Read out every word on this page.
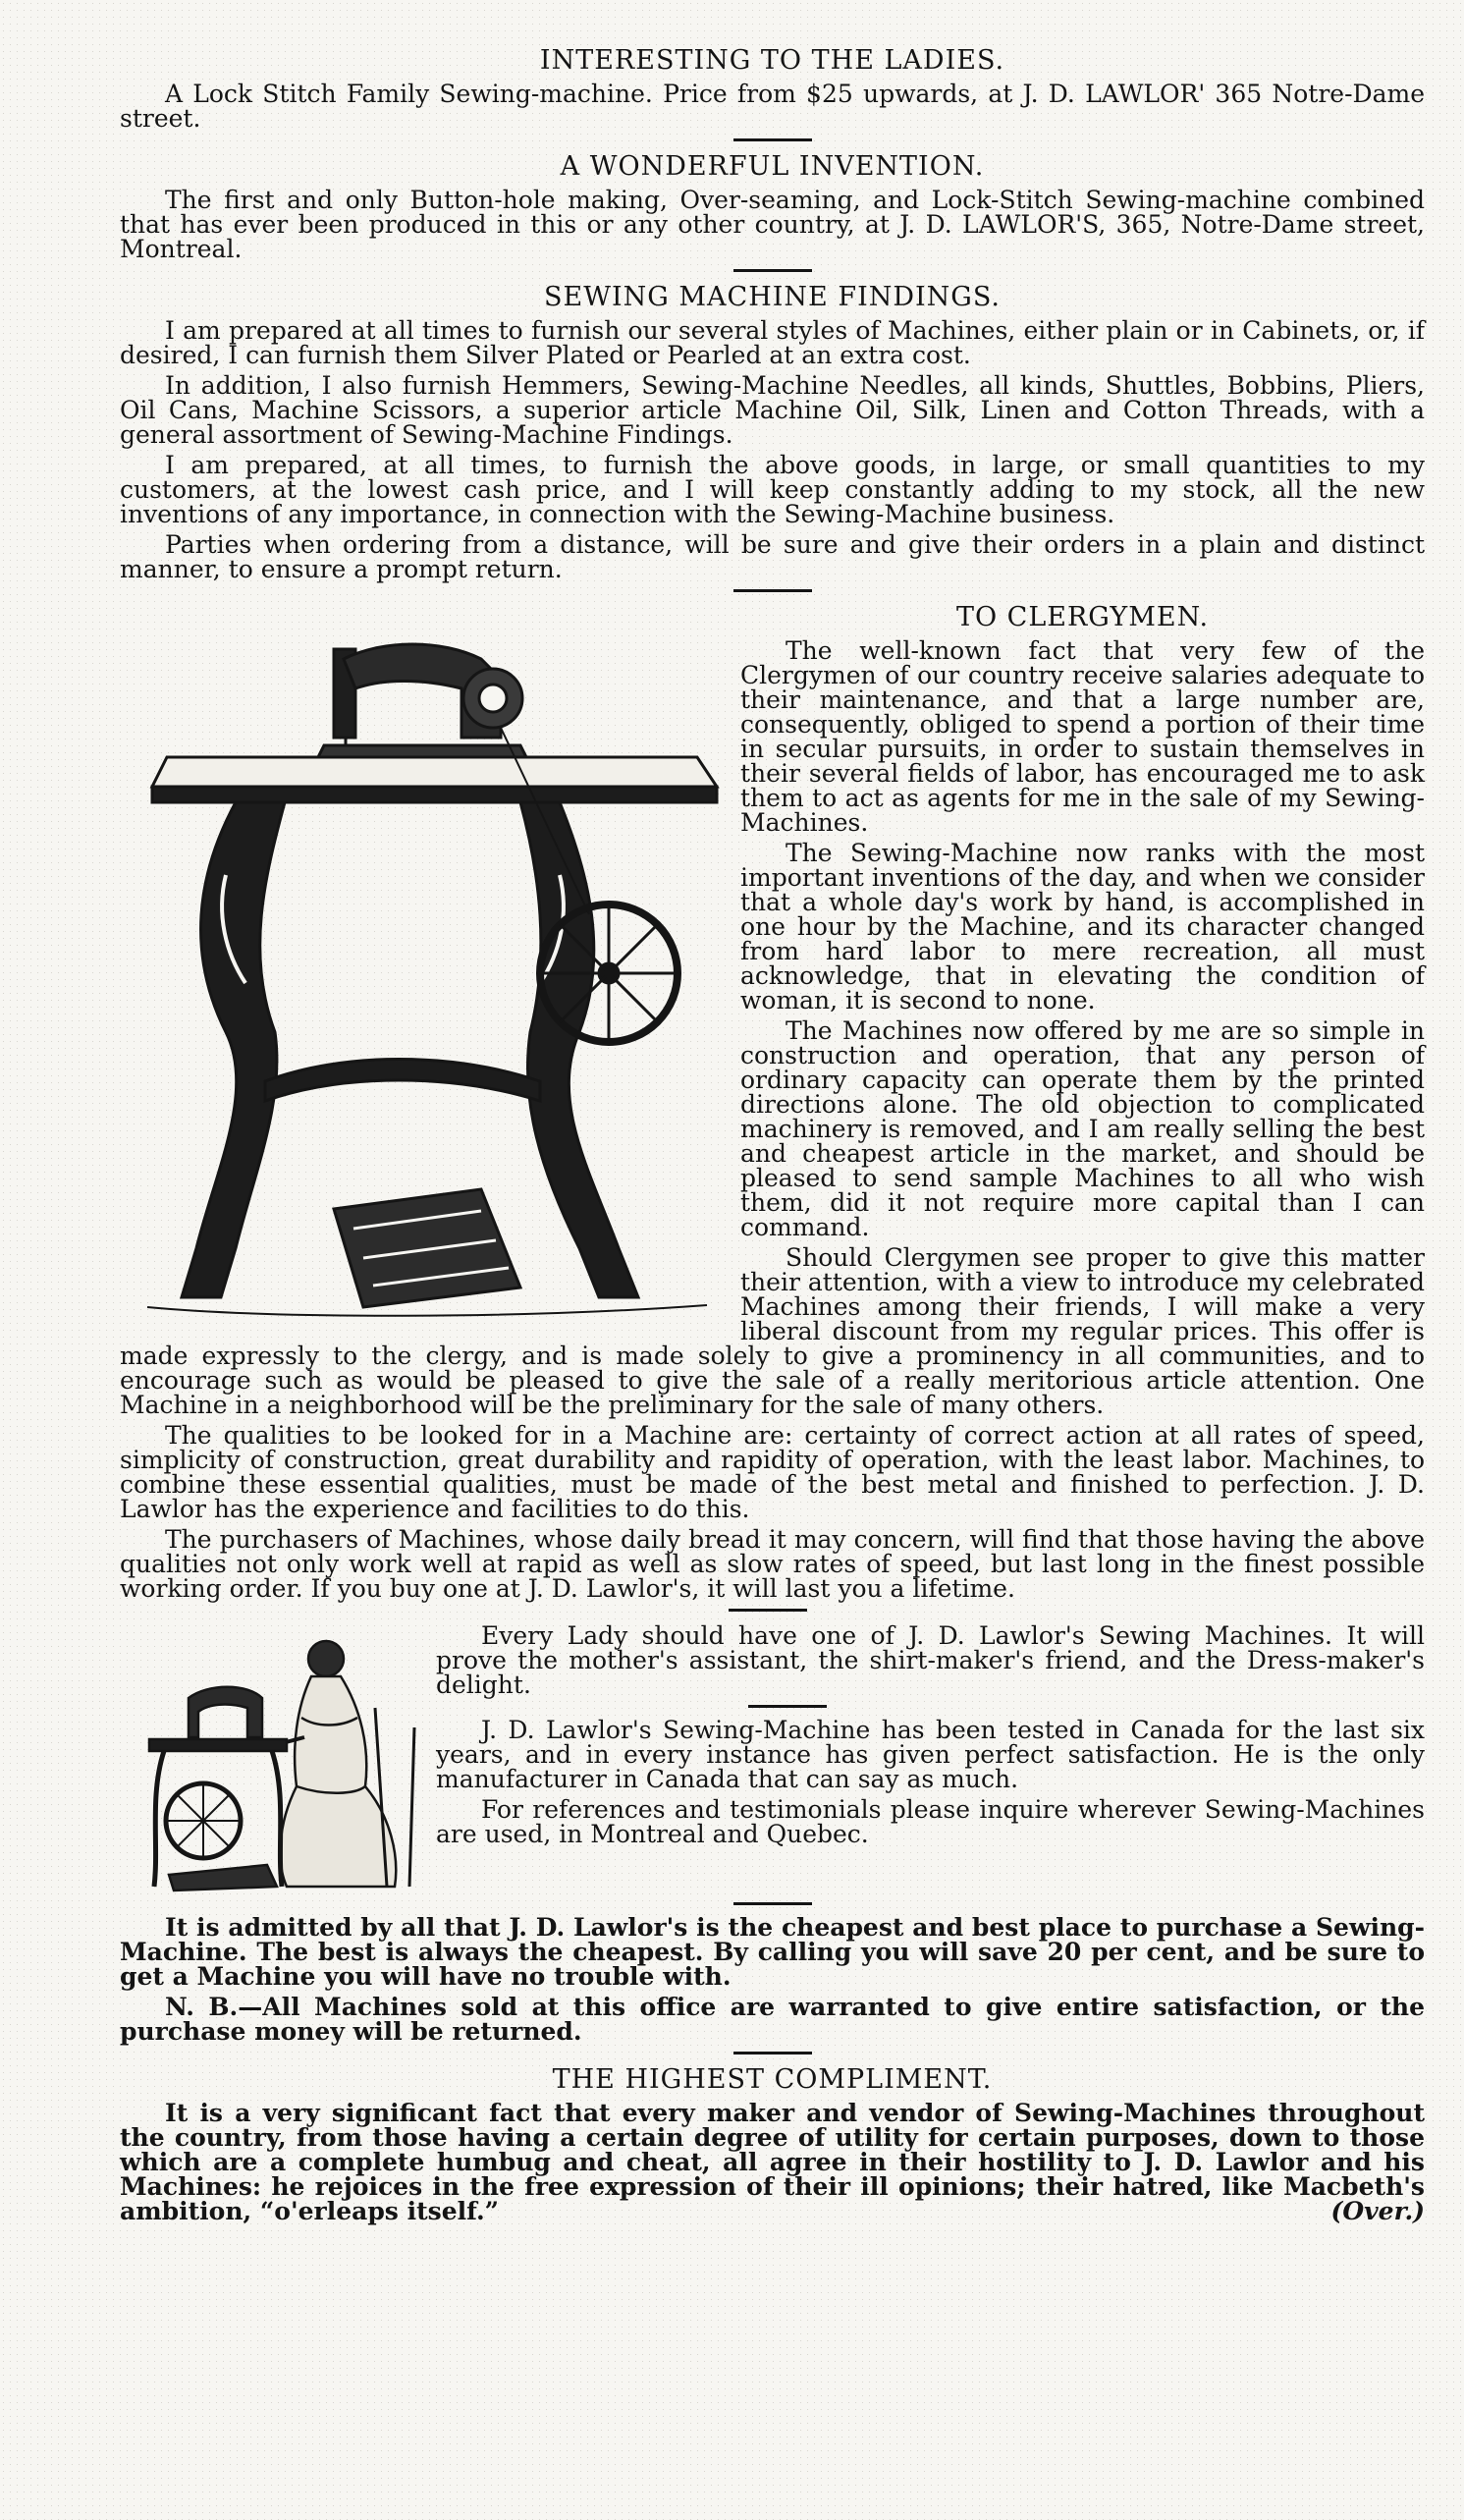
INTERESTING TO THE LADIES.

A Lock Stitch Family Sewing-machine. Price from $25 upwards, at J. D. LAWLOR' 365 Notre-Dame street.

A WONDERFUL INVENTION.

The first and only Button-hole making, Over-seaming, and Lock-Stitch Sewing-machine combined that has ever been produced in this or any other country, at J. D. LAWLOR'S, 365, Notre-Dame street, Montreal.

SEWING MACHINE FINDINGS.

I am prepared at all times to furnish our several styles of Machines, either plain or in Cabinets, or, if desired, I can furnish them Silver Plated or Pearled at an extra cost.

In addition, I also furnish Hemmers, Sewing-Machine Needles, all kinds, Shuttles, Bobbins, Pliers, Oil Cans, Machine Scissors, a superior article Machine Oil, Silk, Linen and Cotton Threads, with a general assortment of Sewing-Machine Findings.

I am prepared, at all times, to furnish the above goods, in large, or small quantities to my customers, at the lowest cash price, and I will keep constantly adding to my stock, all the new inventions of any importance, in connection with the Sewing-Machine business.

Parties when ordering from a distance, will be sure and give their orders in a plain and distinct manner, to ensure a prompt return.

TO CLERGYMEN.

The well-known fact that very few of the Clergymen of our country receive salaries adequate to their maintenance, and that a large number are, consequently, obliged to spend a portion of their time in secular pursuits, in order to sustain themselves in their several fields of labor, has encouraged me to ask them to act as agents for me in the sale of my Sewing-Machines.

The Sewing-Machine now ranks with the most important inventions of the day, and when we consider that a whole day's work by hand, is accomplished in one hour by the Machine, and its character changed from hard labor to mere recreation, all must acknowledge, that in elevating the condition of woman, it is second to none.

The Machines now offered by me are so simple in construction and operation, that any person of ordinary capacity can operate them by the printed directions alone. The old objection to complicated machinery is removed, and I am really selling the best and cheapest article in the market, and should be pleased to send sample Machines to all who wish them, did it not require more capital than I can command.

Should Clergymen see proper to give this matter their attention, with a view to introduce my celebrated Machines among their friends, I will make a very liberal discount from my regular prices. This offer is made expressly to the clergy, and is made solely to give a prominency in all communities, and to encourage such as would be pleased to give the sale of a really meritorious article attention. One Machine in a neighborhood will be the preliminary for the sale of many others.

The qualities to be looked for in a Machine are: certainty of correct action at all rates of speed, simplicity of construction, great durability and rapidity of operation, with the least labor. Machines, to combine these essential qualities, must be made of the best metal and finished to perfection. J. D. Lawlor has the experience and facilities to do this.

The purchasers of Machines, whose daily bread it may concern, will find that those having the above qualities not only work well at rapid as well as slow rates of speed, but last long in the finest possible working order. If you buy one at J. D. Lawlor's, it will last you a lifetime.

Every Lady should have one of J. D. Lawlor's Sewing Machines. It will prove the mother's assistant, the shirt-maker's friend, and the Dress-maker's delight.

J. D. Lawlor's Sewing-Machine has been tested in Canada for the last six years, and in every instance has given perfect satisfaction. He is the only manufacturer in Canada that can say as much.

For references and testimonials please inquire wherever Sewing-Machines are used, in Montreal and Quebec.

It is admitted by all that J. D. Lawlor's is the cheapest and best place to purchase a Sewing-Machine. The best is always the cheapest. By calling you will save 20 per cent, and be sure to get a Machine you will have no trouble with.

N. B.—All Machines sold at this office are warranted to give entire satisfaction, or the purchase money will be returned.

THE HIGHEST COMPLIMENT.

It is a very significant fact that every maker and vendor of Sewing-Machines throughout the country, from those having a certain degree of utility for certain purposes, down to those which are a complete humbug and cheat, all agree in their hostility to J. D. Lawlor and his Machines: he rejoices in the free expression of their ill opinions; their hatred, like Macbeth's ambition, “o'erleaps itself.”	(Over.)
